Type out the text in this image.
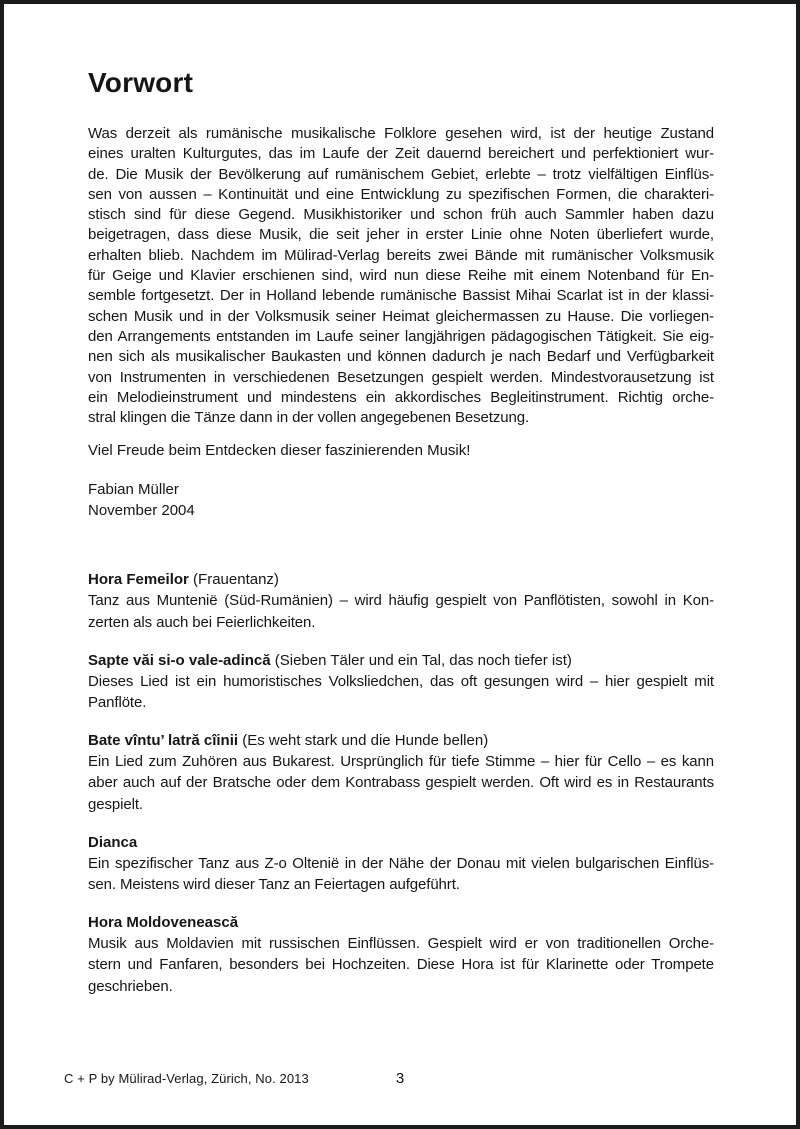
Vorwort
Was derzeit als rumänische musikalische Folklore gesehen wird, ist der heutige Zustand
eines uralten Kulturgutes, das im Laufe der Zeit dauernd bereichert und perfektioniert wur-
de. Die Musik der Bevölkerung auf rumänischem Gebiet, erlebte – trotz vielfältigen Einflüs-
sen von aussen – Kontinuität und eine Entwicklung zu spezifischen Formen, die charakteri-
stisch sind für diese Gegend. Musikhistoriker und schon früh auch Sammler haben dazu
beigetragen, dass diese Musik, die seit jeher in erster Linie ohne Noten überliefert wurde,
erhalten blieb. Nachdem im Mülirad-Verlag bereits zwei Bände mit rumänischer Volksmusik
für Geige und Klavier erschienen sind, wird nun diese Reihe mit einem Notenband für En-
semble fortgesetzt. Der in Holland lebende rumänische Bassist Mihai Scarlat ist in der klassi-
schen Musik und in der Volksmusik seiner Heimat gleichermassen zu Hause. Die vorliegen-
den Arrangements entstanden im Laufe seiner langjährigen pädagogischen Tätigkeit. Sie eig-
nen sich als musikalischer Baukasten und können dadurch je nach Bedarf und Verfügbarkeit
von Instrumenten in verschiedenen Besetzungen gespielt werden. Mindestvorausetzung ist
ein Melodieinstrument und mindestens ein akkordisches Begleitinstrument. Richtig orche-
stral klingen die Tänze dann in der vollen angegebenen Besetzung.
Viel Freude beim Entdecken dieser faszinierenden Musik!
Fabian Müller
November 2004
Hora Femeilor (Frauentanz)
Tanz aus Muntenië (Süd-Rumänien) – wird häufig gespielt von Panflötisten, sowohl in Kon-
zerten als auch bei Feierlichkeiten.
Sapte văi si-o vale-adincă (Sieben Täler und ein Tal, das noch tiefer ist)
Dieses Lied ist ein humoristisches Volksliedchen, das oft gesungen wird – hier gespielt mit
Panflöte.
Bate vîntu’ latră cîinii (Es weht stark und die Hunde bellen)
Ein Lied zum Zuhören aus Bukarest. Ursprünglich für tiefe Stimme – hier für Cello – es kann
aber auch auf der Bratsche oder dem Kontrabass gespielt werden. Oft wird es in Restaurants
gespielt.
Dianca
Ein spezifischer Tanz aus Z-o Oltenië in der Nähe der Donau mit vielen bulgarischen Einflüs-
sen. Meistens wird dieser Tanz an Feiertagen aufgeführt.
Hora Moldovenească
Musik aus Moldavien mit russischen Einflüssen. Gespielt wird er von traditionellen Orche-
stern und Fanfaren, besonders bei Hochzeiten. Diese Hora ist für Klarinette oder Trompete
geschrieben.
C + P by Mülirad-Verlag, Zürich, No. 2013	3
